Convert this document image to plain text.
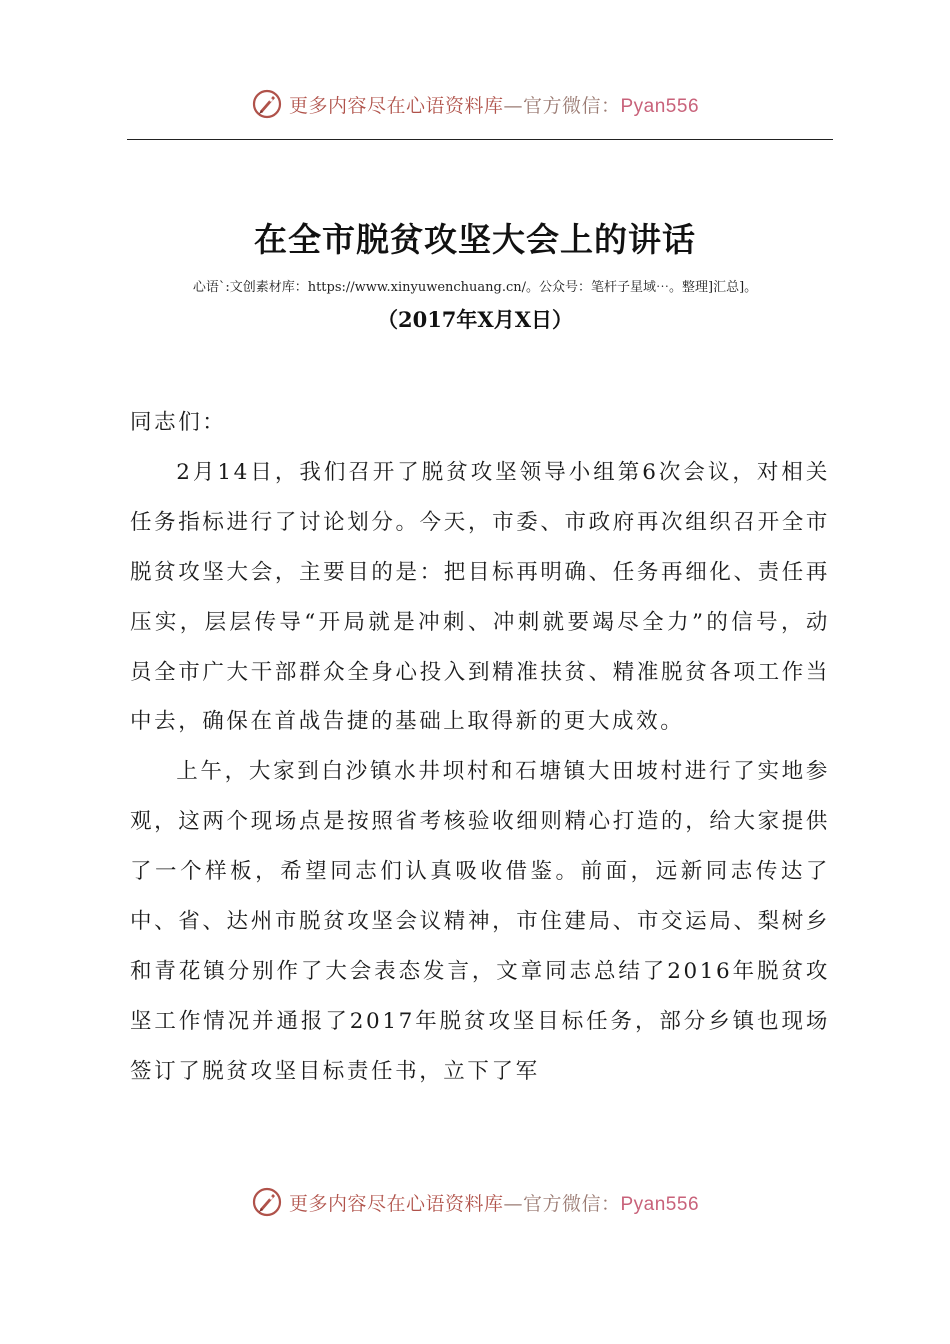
更多内容尽在心语资料库—官方微信：Pyan556
在全市脱贫攻坚大会上的讲话
心语`:文创素材库：https://www.xinyuwenchuang.cn/。公众号：笔杆子星域⋯。整理]汇总]。
（2017年X月X日）

同志们：

2月14日，我们召开了脱贫攻坚领导小组第6次会议，对相关任务指标进行了讨论划分。今天，市委、市政府再次组织召开全市脱贫攻坚大会，主要目的是：把目标再明确、任务再细化、责任再压实，层层传导“开局就是冲刺、冲刺就要竭尽全力”的信号，动员全市广大干部群众全身心投入到精准扶贫、精准脱贫各项工作当中去，确保在首战告捷的基础上取得新的更大成效。

上午，大家到白沙镇水井坝村和石塘镇大田坡村进行了实地参观，这两个现场点是按照省考核验收细则精心打造的，给大家提供了一个样板，希望同志们认真吸收借鉴。前面，远新同志传达了中、省、达州市脱贫攻坚会议精神，市住建局、市交运局、梨树乡和青花镇分别作了大会表态发言，文章同志总结了2016年脱贫攻坚工作情况并通报了2017年脱贫攻坚目标任务，部分乡镇也现场签订了脱贫攻坚目标责任书，立下了军

更多内容尽在心语资料库—官方微信：Pyan556
